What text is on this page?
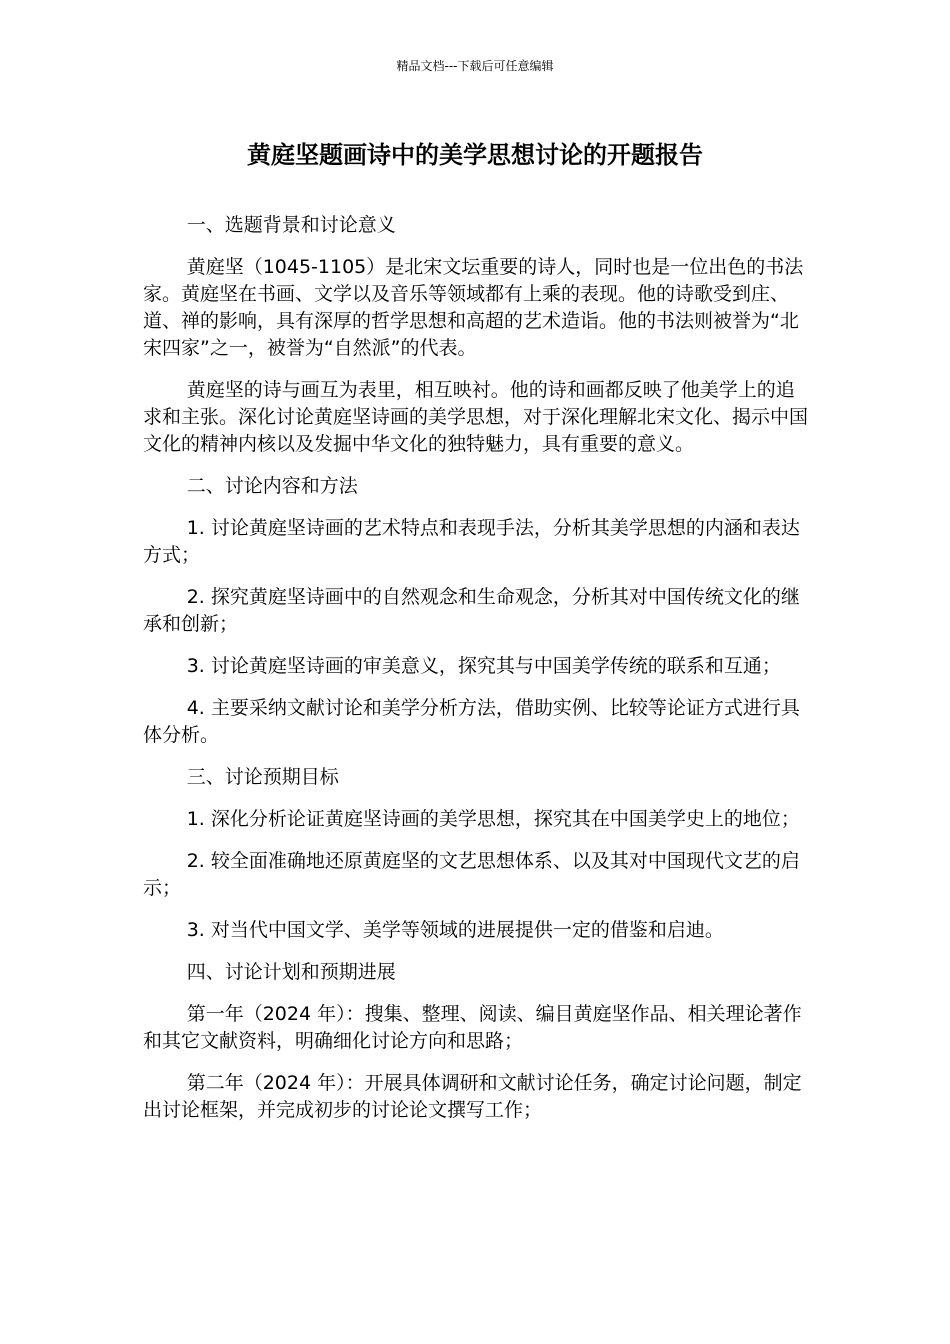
精品文档---下载后可任意编辑
黄庭坚题画诗中的美学思想讨论的开题报告

一、选题背景和讨论意义

黄庭坚（1045-1105）是北宋文坛重要的诗人，同时也是一位出色的书法家。黄庭坚在书画、文学以及音乐等领域都有上乘的表现。他的诗歌受到庄、道、禅的影响，具有深厚的哲学思想和高超的艺术造诣。他的书法则被誉为“北宋四家”之一，被誉为“自然派”的代表。

黄庭坚的诗与画互为表里，相互映衬。他的诗和画都反映了他美学上的追求和主张。深化讨论黄庭坚诗画的美学思想，对于深化理解北宋文化、揭示中国文化的精神内核以及发掘中华文化的独特魅力，具有重要的意义。

二、讨论内容和方法

1. 讨论黄庭坚诗画的艺术特点和表现手法，分析其美学思想的内涵和表达方式；

2. 探究黄庭坚诗画中的自然观念和生命观念，分析其对中国传统文化的继承和创新；

3. 讨论黄庭坚诗画的审美意义，探究其与中国美学传统的联系和互通；

4. 主要采纳文献讨论和美学分析方法，借助实例、比较等论证方式进行具体分析。

三、讨论预期目标

1. 深化分析论证黄庭坚诗画的美学思想，探究其在中国美学史上的地位；

2. 较全面准确地还原黄庭坚的文艺思想体系、以及其对中国现代文艺的启示；

3. 对当代中国文学、美学等领域的进展提供一定的借鉴和启迪。

四、讨论计划和预期进展

第一年（2024 年）：搜集、整理、阅读、编目黄庭坚作品、相关理论著作和其它文献资料，明确细化讨论方向和思路；

第二年（2024 年）：开展具体调研和文献讨论任务，确定讨论问题，制定出讨论框架，并完成初步的讨论论文撰写工作；
